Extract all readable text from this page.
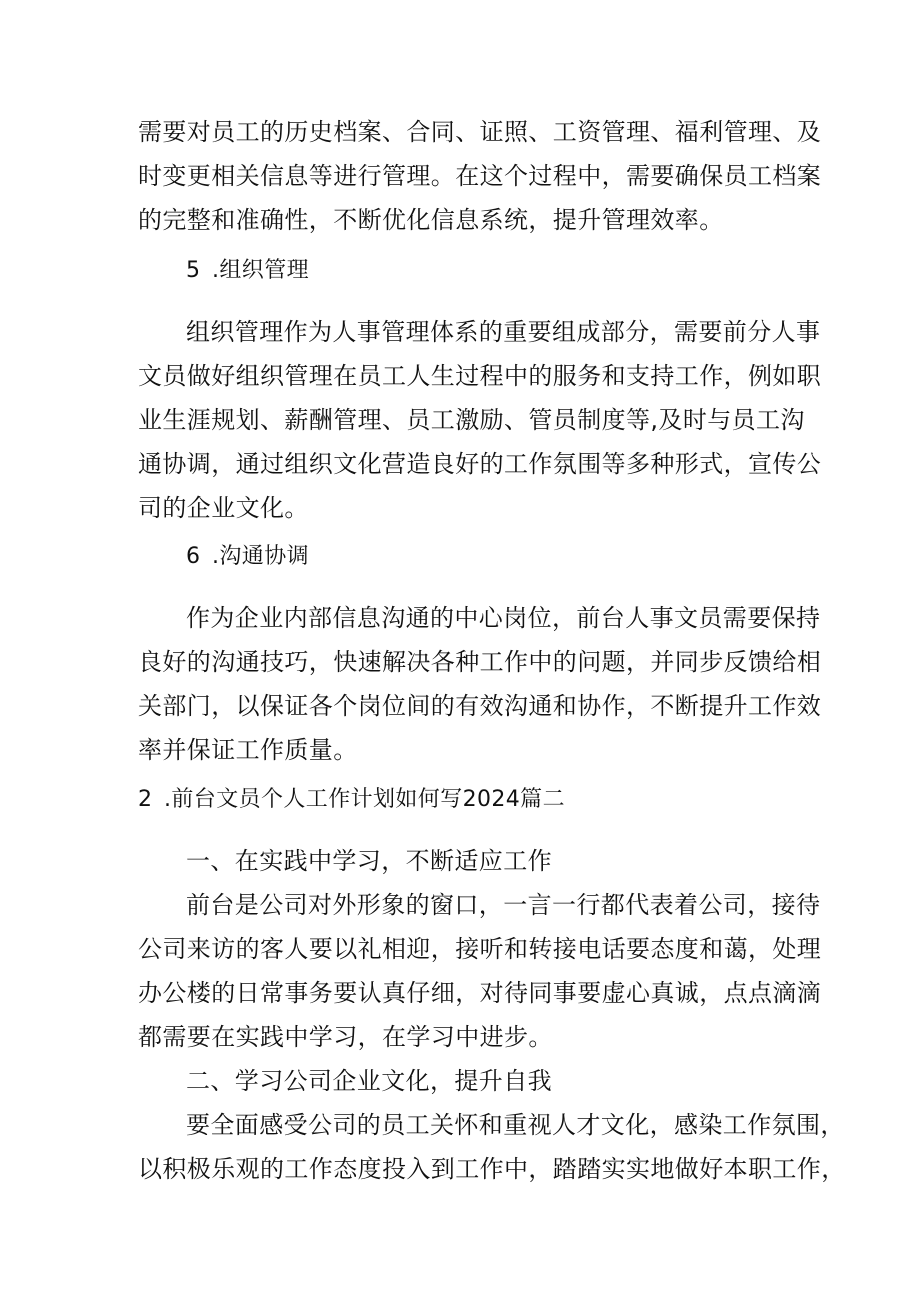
需要对员工的历史档案、合同、证照、工资管理、福利管理、及

时变更相关信息等进行管理。在这个过程中，需要确保员工档案

的完整和准确性，不断优化信息系统，提升管理效率。

5 .组织管理

组织管理作为人事管理体系的重要组成部分，需要前分人事

文员做好组织管理在员工人生过程中的服务和支持工作，例如职

业生涯规划、薪酬管理、员工激励、管员制度等,及时与员工沟

通协调，通过组织文化营造良好的工作氛围等多种形式，宣传公

司的企业文化。

6 .沟通协调

作为企业内部信息沟通的中心岗位，前台人事文员需要保持

良好的沟通技巧，快速解决各种工作中的问题，并同步反馈给相

关部门，以保证各个岗位间的有效沟通和协作，不断提升工作效

率并保证工作质量。

2 .前台文员个人工作计划如何写2024篇二

一、在实践中学习，不断适应工作

前台是公司对外形象的窗口，一言一行都代表着公司，接待

公司来访的客人要以礼相迎，接听和转接电话要态度和蔼，处理

办公楼的日常事务要认真仔细，对待同事要虚心真诚，点点滴滴

都需要在实践中学习，在学习中进步。

二、学习公司企业文化，提升自我

要全面感受公司的员工关怀和重视人才文化，感染工作氛围，

以积极乐观的工作态度投入到工作中，踏踏实实地做好本职工作，
